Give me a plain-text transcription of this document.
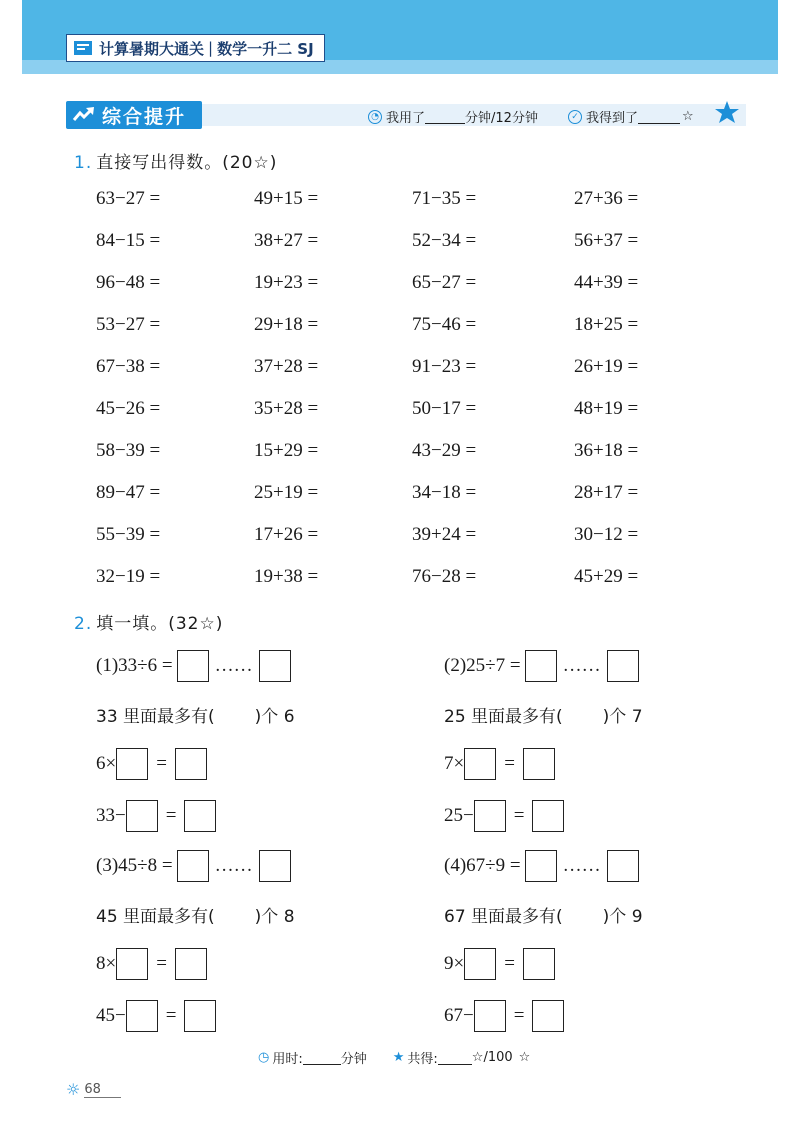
计算暑期大通关 | 数学一升二 SJ
综合提升	◔ 我用了	分钟/12分钟	✓ 我得到了	☆
1. 直接写出得数。(20☆)
63−27 =	49+15 =	71−35 =	27+36 =
84−15 =	38+27 =	52−34 =	56+37 =
96−48 =	19+23 =	65−27 =	44+39 =
53−27 =	29+18 =	75−46 =	18+25 =
67−38 =	37+28 =	91−23 =	26+19 =
45−26 =	35+28 =	50−17 =	48+19 =
58−39 =	15+29 =	43−29 =	36+18 =
89−47 =	25+19 =	34−18 =	28+17 =
55−39 =	17+26 =	39+24 =	30−12 =
32−19 =	19+38 =	76−28 =	45+29 =
2. 填一填。(32☆)
(1)33÷6 = ……
33 里面最多有( )个 6
6× =
33− =
(2)25÷7 = ……
25 里面最多有( )个 7
7× =
25− =
(3)45÷8 = ……
45 里面最多有( )个 8
8× =
45− =
(4)67÷9 = ……
67 里面最多有( )个 9
9× =
67− =
◷ 用时:	分钟 ★ 共得:	☆/100 ☆
☼ 68
